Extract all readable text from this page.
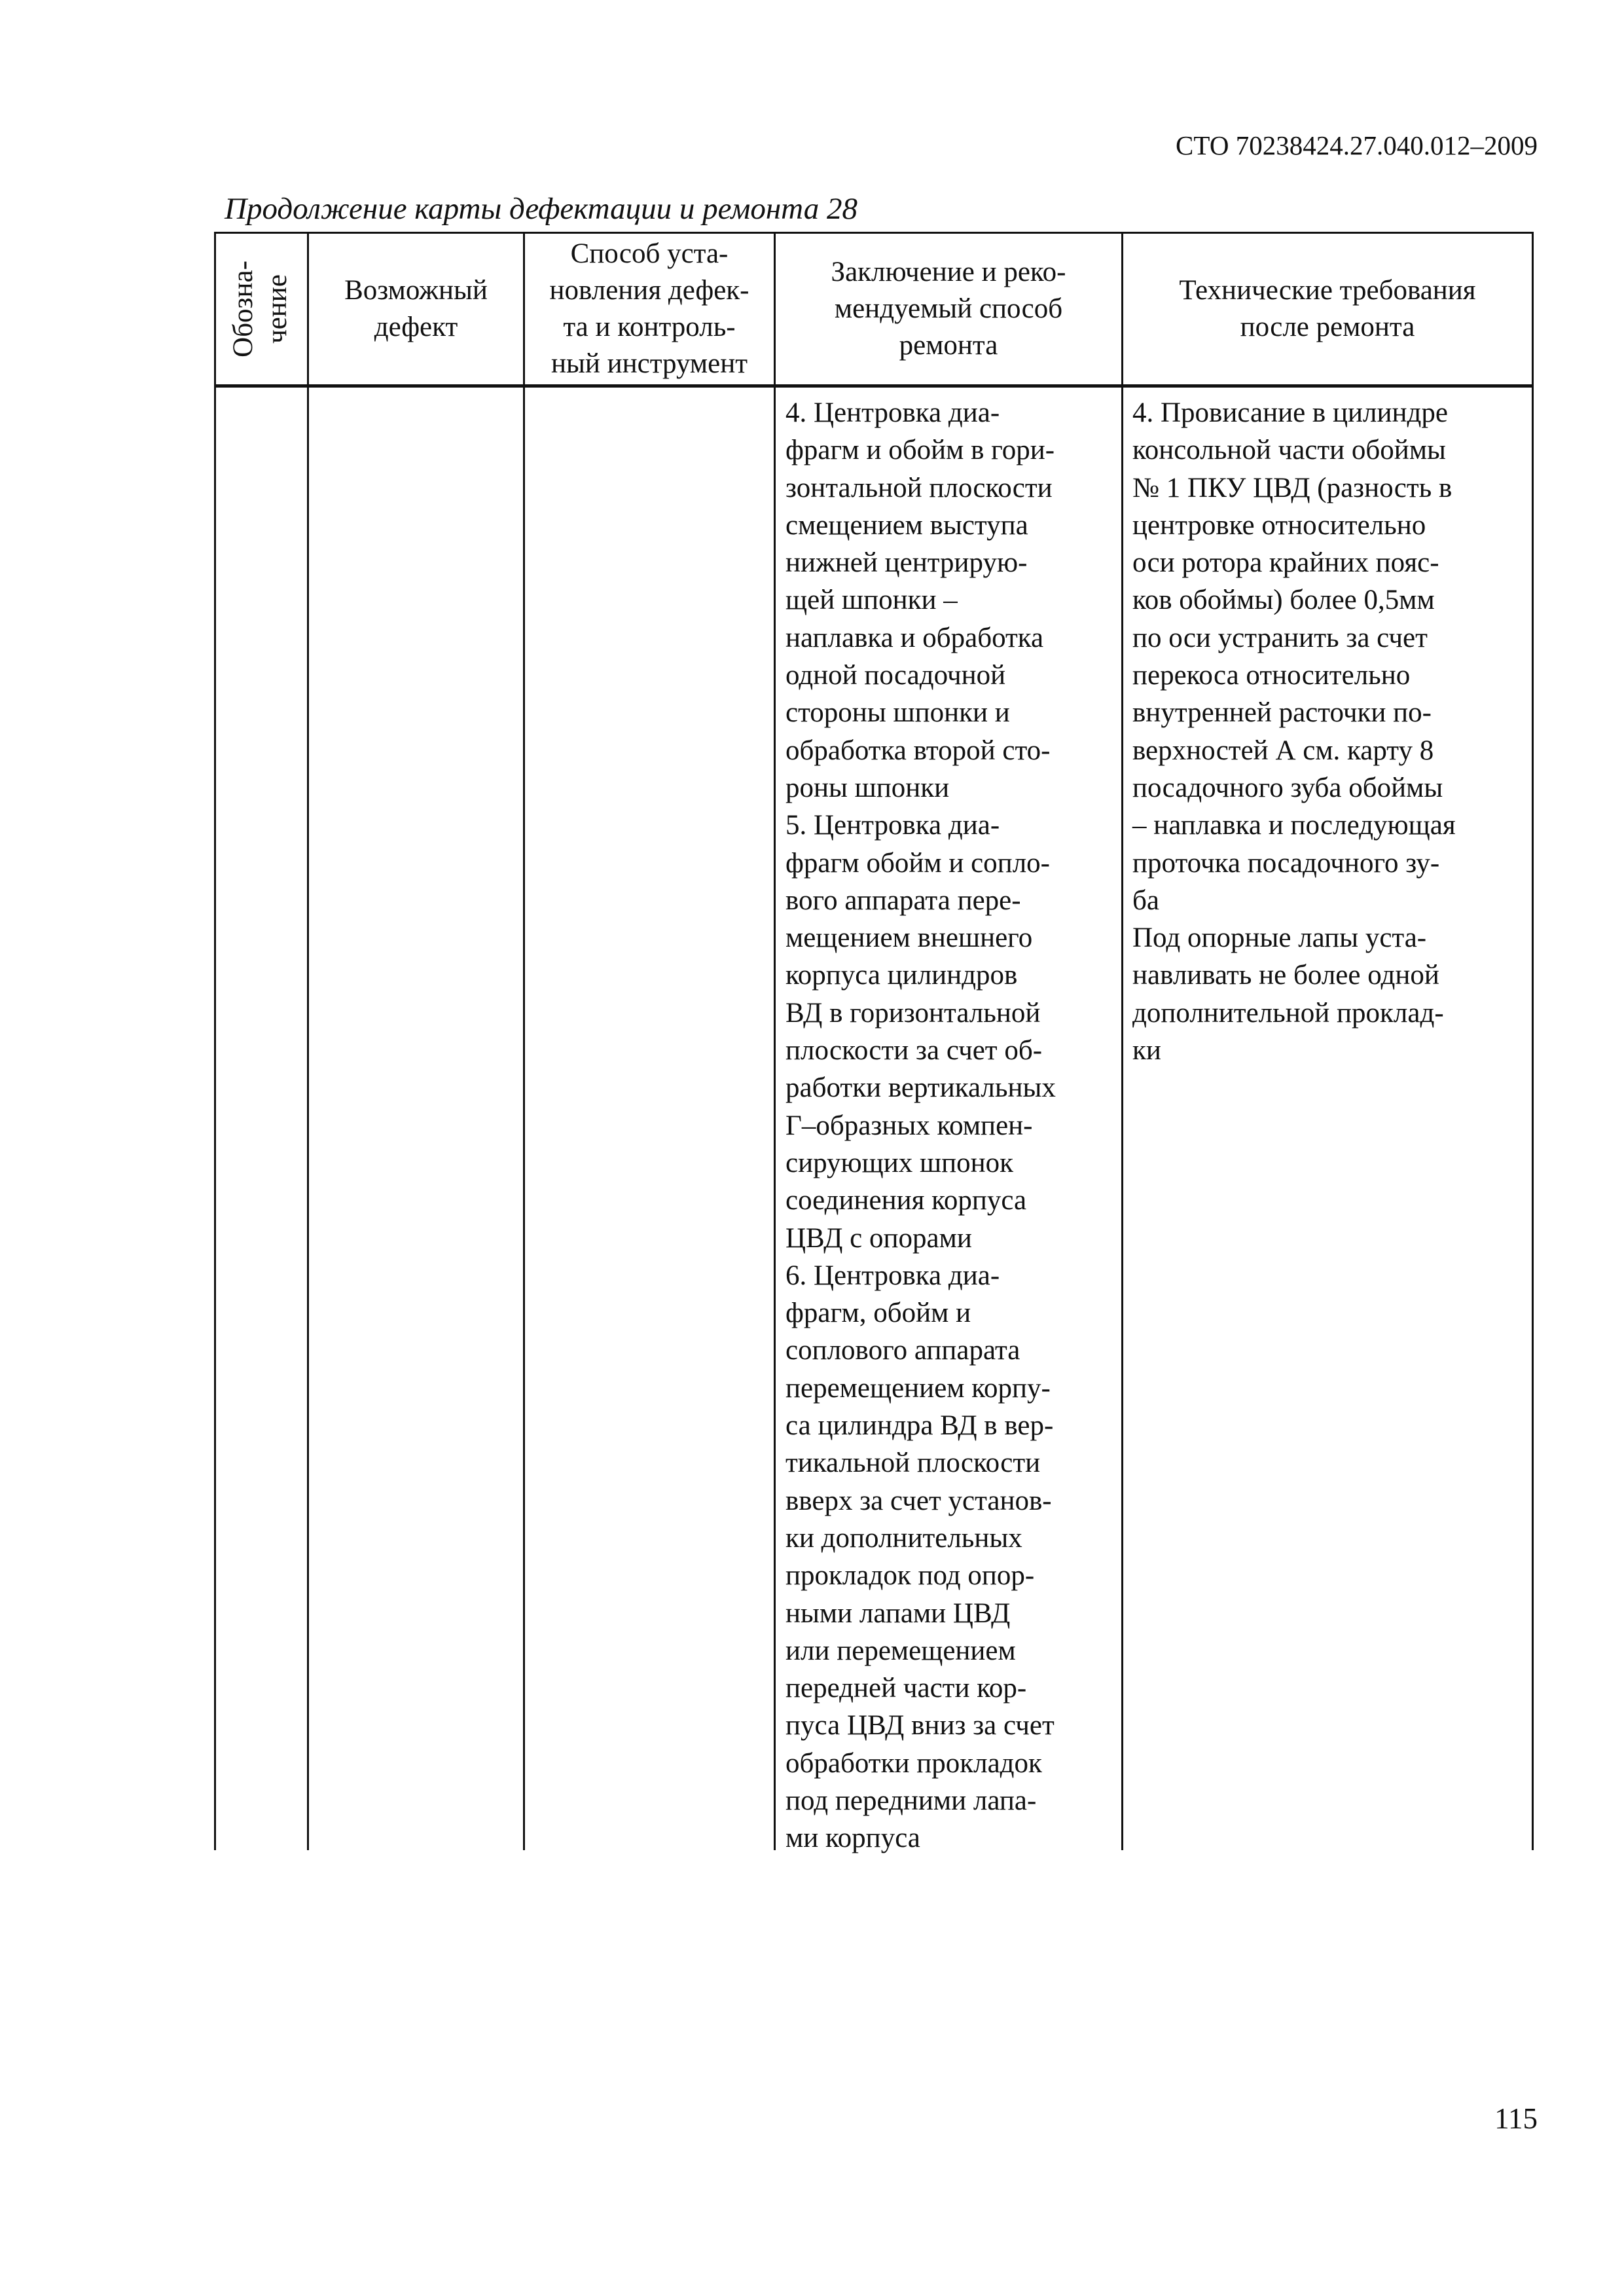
СТО 70238424.27.040.012–2009
Продолжение карты дефектации и ремонта 28
Обозна-
чение Возможный
дефект
Способ уста-
новления дефек-
та и контроль-
ный инструмент
Заключение и реко-
мендуемый способ
ремонта
Технические требования
после ремонта
4. Центровка диа-
фрагм и обойм в гори-
зонтальной плоскости
смещением выступа
нижней центрирую-
щей шпонки –
наплавка и обработка
одной посадочной
стороны шпонки и
обработка второй сто-
роны шпонки
5. Центровка диа-
фрагм обойм и сопло-
вого аппарата пере-
мещением внешнего
корпуса цилиндров
ВД в горизонтальной
плоскости за счет об-
работки вертикальных
Г–образных компен-
сирующих шпонок
соединения корпуса
ЦВД с опорами
6. Центровка диа-
фрагм, обойм и
соплового аппарата
перемещением корпу-
са цилиндра ВД в вер-
тикальной плоскости
вверх за счет установ-
ки дополнительных
прокладок под опор-
ными лапами ЦВД
или перемещением
передней части кор-
пуса ЦВД вниз за счет
обработки прокладок
под передними лапа-
ми корпуса
4. Провисание в цилиндре
консольной части обоймы
№ 1 ПКУ ЦВД (разность в
центровке относительно
оси ротора крайних пояс-
ков обоймы) более 0,5мм
по оси устранить за счет
перекоса относительно
внутренней расточки по-
верхностей А см. карту 8
посадочного зуба обоймы
– наплавка и последующая
проточка посадочного зу-
ба
Под опорные лапы уста-
навливать не более одной
дополнительной проклад-
ки
115
